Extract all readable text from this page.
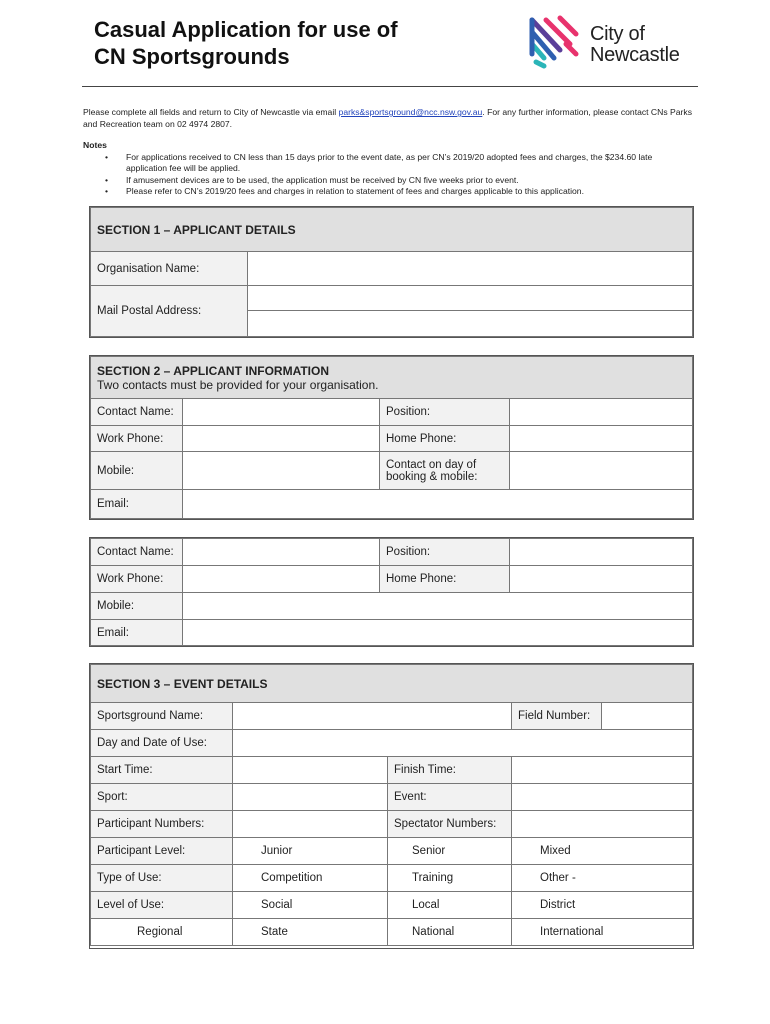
Casual Application for use of
CN Sportsgrounds
City of
Newcastle
Please complete all fields and return to City of Newcastle via email parks&sportsground@ncc.nsw.gov.au. For any further information, please contact CNs Parks and Recreation team on 02 4974 2807.
Notes
• For applications received to CN less than 15 days prior to the event date, as per CN’s 2019/20 adopted fees and charges, the $234.60 late application fee will be applied.
• If amusement devices are to be used, the application must be received by CN five weeks prior to event.
• Please refer to CN’s 2019/20 fees and charges in relation to statement of fees and charges applicable to this application.
SECTION 1 – APPLICANT DETAILS	
Organisation Name:	
Mail Postal Address:	

SECTION 2 – APPLICANT INFORMATION
Two contacts must be provided for your organisation.			

Contact Name:		Position:	
Work Phone:		Home Phone:	
Mobile:		Contact on day of booking & mobile:	
Email:			
Contact Name:		Position:	
Work Phone:		Home Phone:	
Mobile:			
Email:			
SECTION 3 – EVENT DETAILS				
Sportsground Name:			Field Number:	
Day and Date of Use:				
Start Time:		Finish Time:		
Sport:		Event:		
Participant Numbers:		Spectator Numbers:		
Participant Level:	Junior	Senior	Mixed	
Type of Use:	Competition	Training	Other -	
Level of Use:	Social	Local	District	
Regional	State	National	International	
